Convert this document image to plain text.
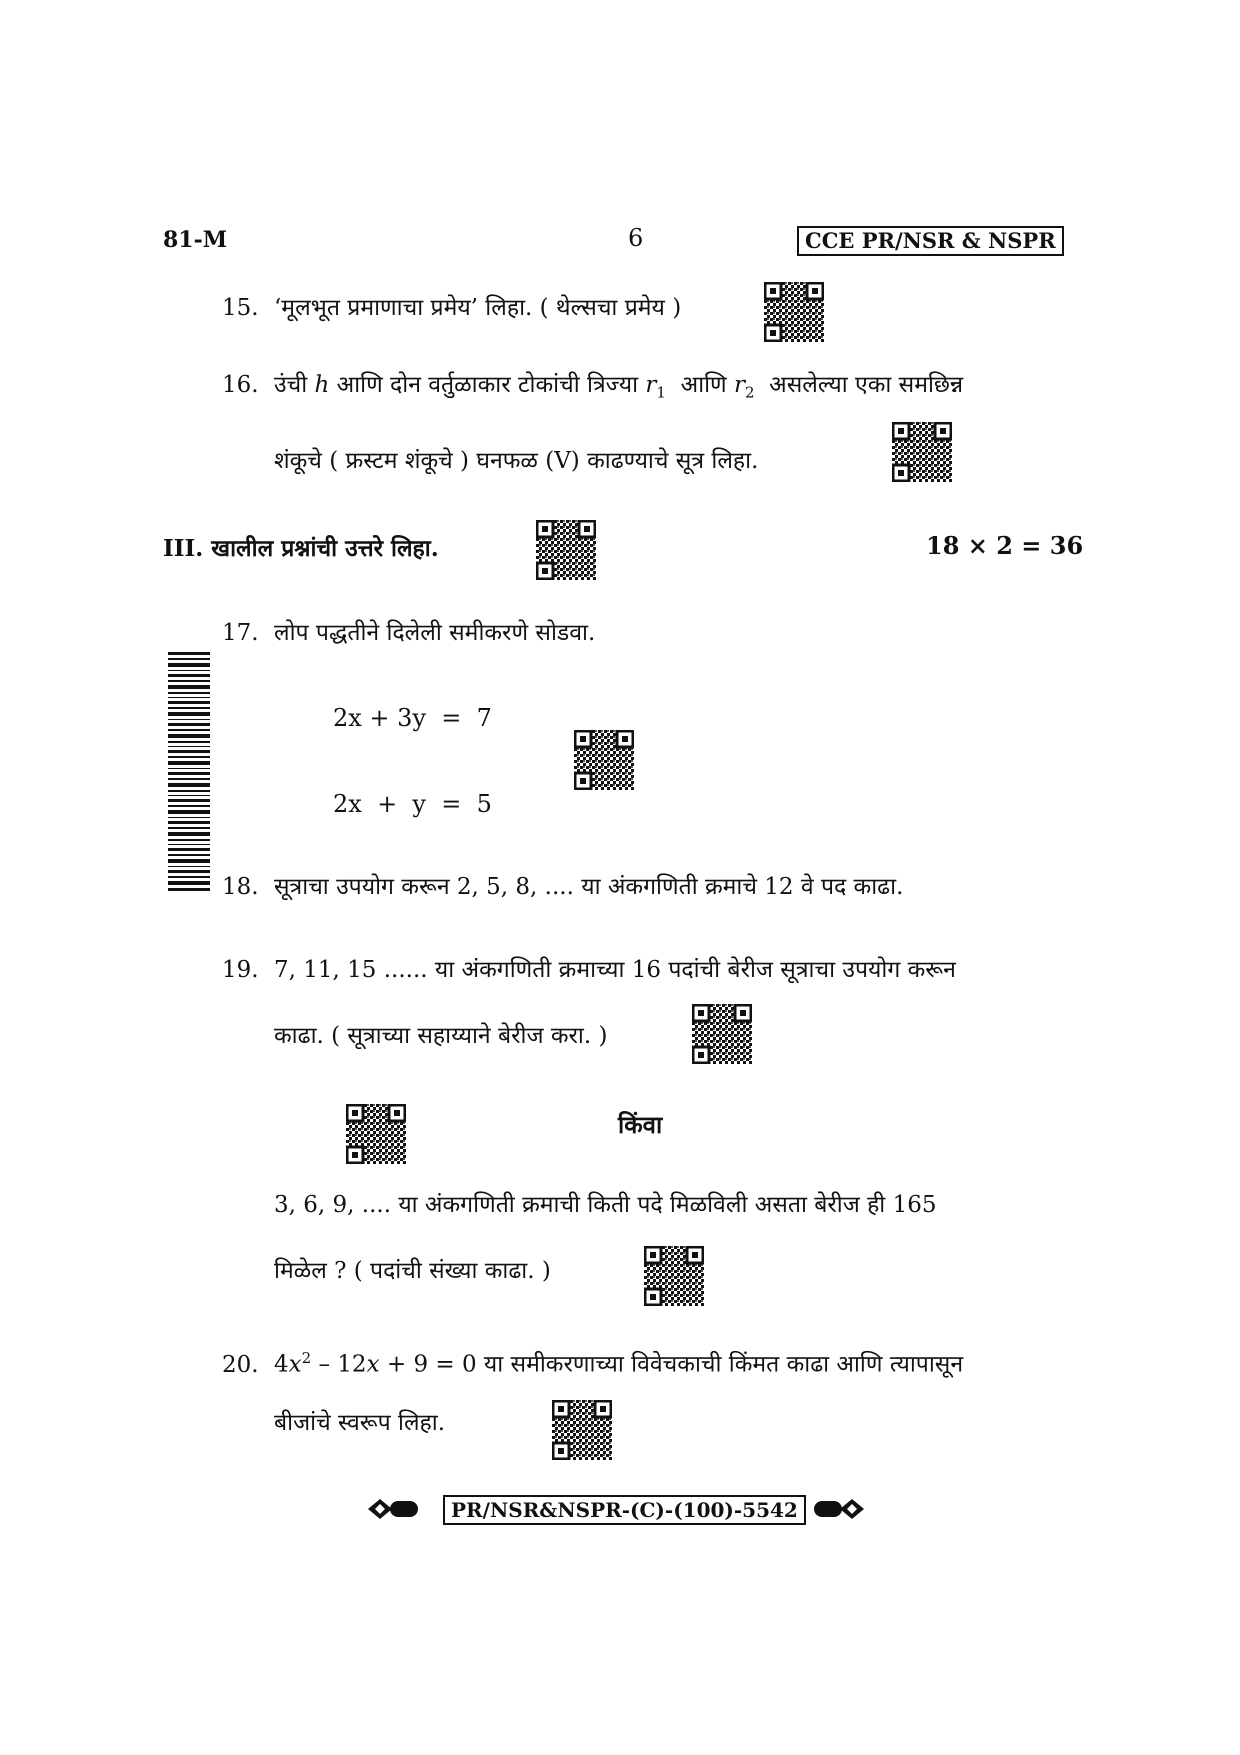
81-M	6	CCE PR/NSR & NSPR
15. ‘मूलभूत प्रमाणाचा प्रमेय’ लिहा. ( थेल्सचा प्रमेय )
16. उंची h आणि दोन वर्तुळाकार टोकांची त्रिज्या $r_1$ आणि $r_2$ असलेल्या एका समछिन्न
शंकूचे ( फ्रस्टम शंकूचे ) घनफळ (V) काढण्याचे सूत्र लिहा.
III. खालील प्रश्नांची उत्तरे लिहा.	18 × 2 = 36
17. लोप पद्धतीने दिलेली समीकरणे सोडवा.
2x + 3y  =  7
2x  +  y  =  5
18. सूत्राचा उपयोग करून 2, 5, 8, .... या अंकगणिती क्रमाचे 12 वे पद काढा.
19. 7, 11, 15 ...... या अंकगणिती क्रमाच्या 16 पदांची बेरीज सूत्राचा उपयोग करून
काढा. ( सूत्राच्या सहाय्याने बेरीज करा. )
किंवा
3, 6, 9, .... या अंकगणिती क्रमाची किती पदे मिळविली असता बेरीज ही 165
मिळेल ? ( पदांची संख्या काढा. )
20. $4x^2 - 12x + 9 = 0$ या समीकरणाच्या विवेचकाची किंमत काढा आणि त्यापासून
बीजांचे स्वरूप लिहा.
PR/NSR&NSPR-(C)-(100)-5542
